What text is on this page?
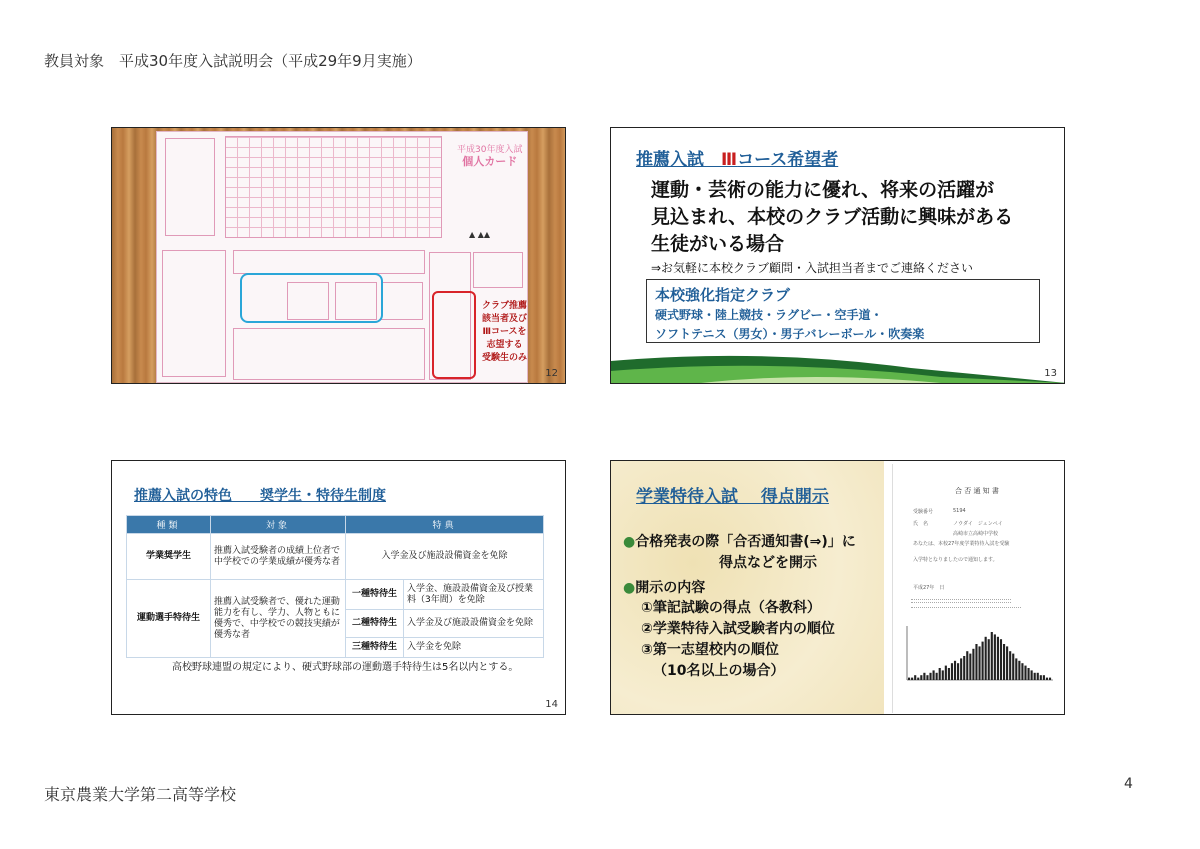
教員対象　平成30年度入試説明会（平成29年9月実施）
平成30年度入試
個人カード
▲ ▲▲
クラブ推薦
該当者及び
Ⅲコースを
志望する
受験生のみ
12
推薦入試　 Ⅲコース希望者
運動・芸術の能力に優れ、将来の活躍が
見込まれ、本校のクラブ活動に興味がある
生徒がいる場合
⇒お気軽に本校クラブ顧問・入試担当者までご連絡ください
本校強化指定クラブ
硬式野球・陸上競技・ラグビー・空手道・
ソフトテニス（男女）・男子バレーボール・吹奏楽
13
推薦入試の特色　　 奨学生・特待生制度
種類	対象	特典	
学業奨学生	推薦入試受験者の成績上位者で中学校での学業成績が優秀な者	入学金及び施設設備資金を免除	
運動選手特待生	推薦入試受験者で、優れた運動能力を有し、学力、人物ともに優秀で、中学校での競技実績が優秀な者	一種特待生	入学金、施設設備資金及び授業料（3年間）を免除
		二種特待生	入学金及び施設設備資金を免除
		三種特待生	入学金を免除
高校野球連盟の規定により、硬式野球部の運動選手特待生は5名以内とする。
14
学業特待入試　 得点開示
●合格発表の際「合否通知書(⇒)」に
得点などを開示
●開示の内容
①筆記試験の得点（各教科）
②学業特待入試受験者内の順位
③第一志望校内の順位
（10名以上の場合）
合 否 通 知 書
受験番号	5194
氏　名	ノウダイ　ジュンペイ
高崎市立高崎中学校
あなたは、本校27年度学業特待入試を受験
入学特となりましたので通知します。
平成27年　日
東京農業大学第二高等学校
4
